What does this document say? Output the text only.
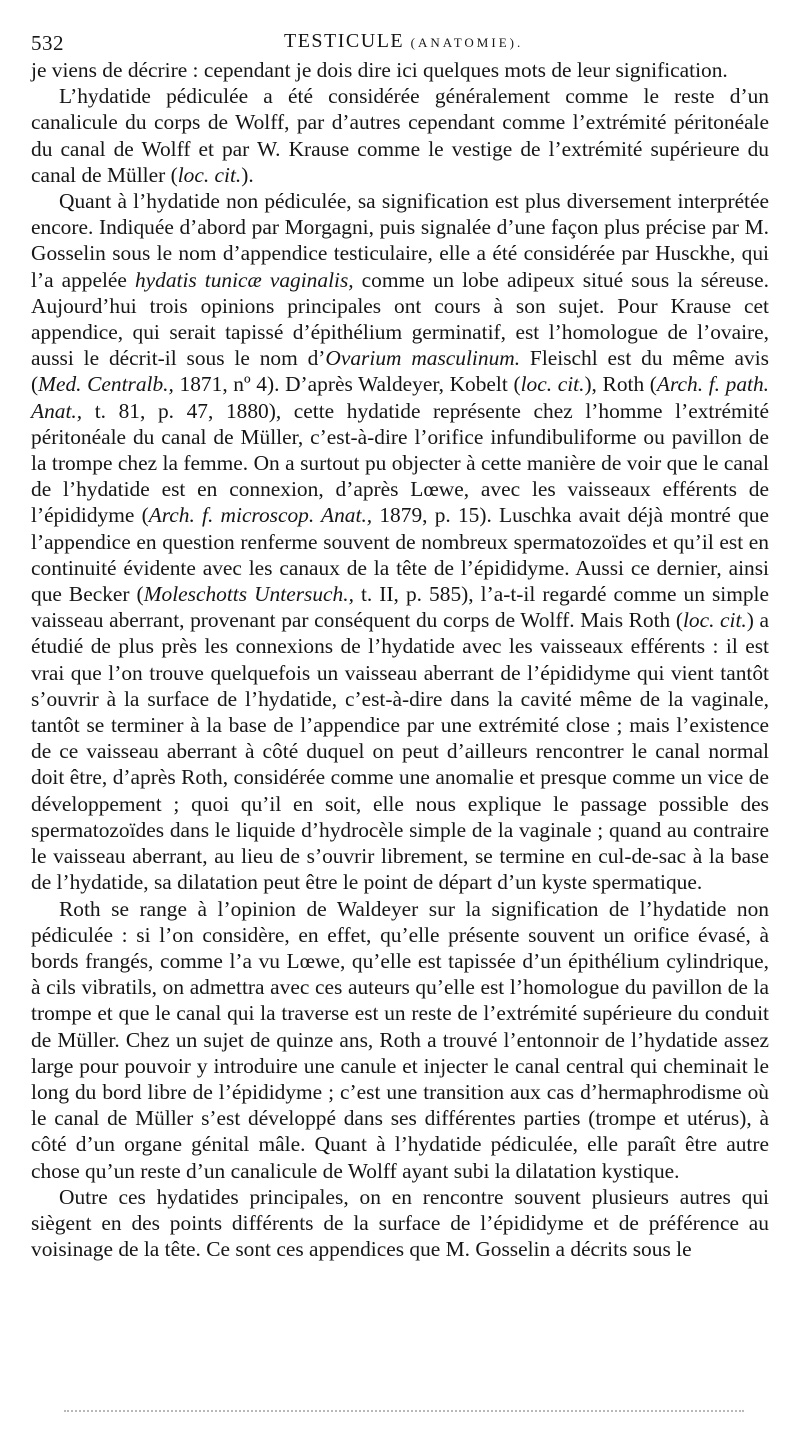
532	TESTICULE (ANATOMIE).

je viens de décrire : cependant je dois dire ici quelques mots de leur signification.

L’hydatide pédiculée a été considérée généralement comme le reste d’un canalicule du corps de Wolff, par d’autres cependant comme l’extrémité péritonéale du canal de Wolff et par W. Krause comme le vestige de l’extrémité supérieure du canal de Müller (loc. cit.).

Quant à l’hydatide non pédiculée, sa signification est plus diversement interprétée encore. Indiquée d’abord par Morgagni, puis signalée d’une façon plus précise par M. Gosselin sous le nom d’appendice testiculaire, elle a été considérée par Husckhe, qui l’a appelée hydatis tunicæ vaginalis, comme un lobe adipeux situé sous la séreuse. Aujourd’hui trois opinions principales ont cours à son sujet. Pour Krause cet appendice, qui serait tapissé d’épithélium germinatif, est l’homologue de l’ovaire, aussi le décrit-il sous le nom d’Ovarium masculinum. Fleischl est du même avis (Med. Centralb., 1871, nº 4). D’après Waldeyer, Kobelt (loc. cit.), Roth (Arch. f. path. Anat., t. 81, p. 47, 1880), cette hydatide représente chez l’homme l’extrémité péritonéale du canal de Müller, c’est-à-dire l’orifice infundibuliforme ou pavillon de la trompe chez la femme. On a surtout pu objecter à cette manière de voir que le canal de l’hydatide est en connexion, d’après Lœwe, avec les vaisseaux efférents de l’épididyme (Arch. f. microscop. Anat., 1879, p. 15). Luschka avait déjà montré que l’appendice en question renferme souvent de nombreux spermatozoïdes et qu’il est en continuité évidente avec les canaux de la tête de l’épididyme. Aussi ce dernier, ainsi que Becker (Moleschotts Untersuch., t. II, p. 585), l’a-t-il regardé comme un simple vaisseau aberrant, provenant par conséquent du corps de Wolff. Mais Roth (loc. cit.) a étudié de plus près les connexions de l’hydatide avec les vaisseaux efférents : il est vrai que l’on trouve quelquefois un vaisseau aberrant de l’épididyme qui vient tantôt s’ouvrir à la surface de l’hydatide, c’est-à-dire dans la cavité même de la vaginale, tantôt se terminer à la base de l’appendice par une extrémité close ; mais l’existence de ce vaisseau aberrant à côté duquel on peut d’ailleurs rencontrer le canal normal doit être, d’après Roth, considérée comme une anomalie et presque comme un vice de développement ; quoi qu’il en soit, elle nous explique le passage possible des spermatozoïdes dans le liquide d’hydrocèle simple de la vaginale ; quand au contraire le vaisseau aberrant, au lieu de s’ouvrir librement, se termine en cul-de-sac à la base de l’hydatide, sa dilatation peut être le point de départ d’un kyste spermatique.

Roth se range à l’opinion de Waldeyer sur la signification de l’hydatide non pédiculée : si l’on considère, en effet, qu’elle présente souvent un orifice évasé, à bords frangés, comme l’a vu Lœwe, qu’elle est tapissée d’un épithélium cylindrique, à cils vibratils, on admettra avec ces auteurs qu’elle est l’homologue du pavillon de la trompe et que le canal qui la traverse est un reste de l’extrémité supérieure du conduit de Müller. Chez un sujet de quinze ans, Roth a trouvé l’entonnoir de l’hydatide assez large pour pouvoir y introduire une canule et injecter le canal central qui cheminait le long du bord libre de l’épididyme ; c’est une transition aux cas d’hermaphrodisme où le canal de Müller s’est développé dans ses différentes parties (trompe et utérus), à côté d’un organe génital mâle. Quant à l’hydatide pédiculée, elle paraît être autre chose qu’un reste d’un canalicule de Wolff ayant subi la dilatation kystique.

Outre ces hydatides principales, on en rencontre souvent plusieurs autres qui siègent en des points différents de la surface de l’épididyme et de préférence au voisinage de la tête. Ce sont ces appendices que M. Gosselin a décrits sous le
